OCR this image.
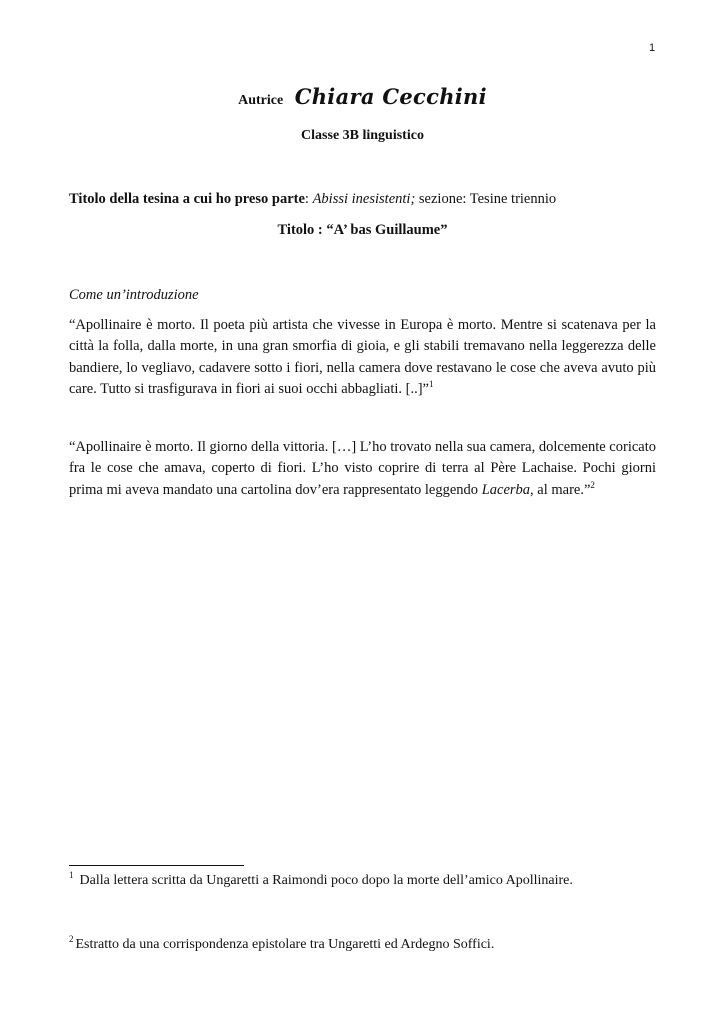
1
Autrice Chiara Cecchini
Classe 3B linguistico
Titolo della tesina a cui ho preso parte: Abissi inesistenti; sezione: Tesine triennio
Titolo : “A’ bas Guillaume”
Come un’introduzione
“Apollinaire è morto. Il poeta più artista che vivesse in Europa è morto. Mentre si scatenava per la città la folla, dalla morte, in una gran smorfia di gioia, e gli stabili tremavano nella leggerezza delle bandiere, lo vegliavo, cadavere sotto i fiori, nella camera dove restavano le cose che aveva avuto più care. Tutto si trasfigurava in fiori ai suoi occhi abbagliati. [..]”$^1$
“Apollinaire è morto. Il giorno della vittoria. […] L’ho trovato nella sua camera, dolcemente coricato fra le cose che amava, coperto di fiori. L’ho visto coprire di terra al Père Lachaise. Pochi giorni prima mi aveva mandato una cartolina dov’era rappresentato leggendo Lacerba, al mare.”$^2$
$^1$ Dalla lettera scritta da Ungaretti a Raimondi poco dopo la morte dell’amico Apollinaire.
$^2$ Estratto da una corrispondenza epistolare tra Ungaretti ed Ardegno Soffici.
